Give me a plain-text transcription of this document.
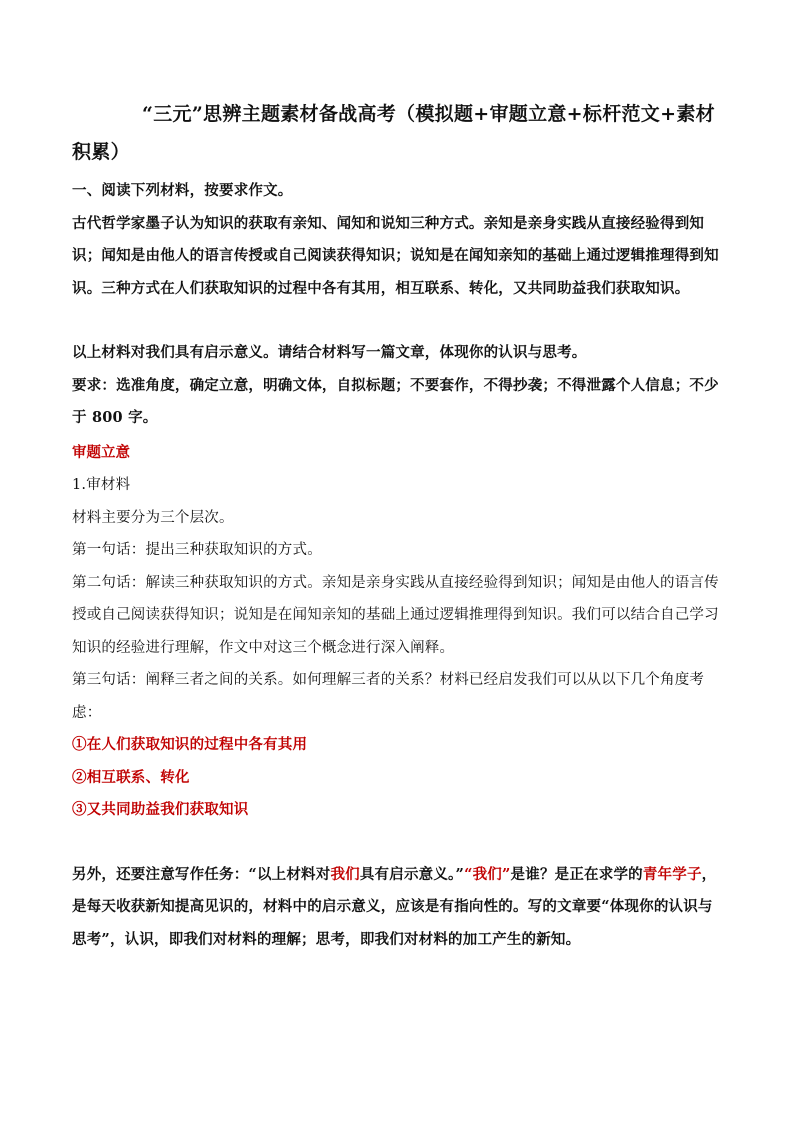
“三元”思辨主题素材备战高考（模拟题+审题立意+标杆范文+素材积累）

一、阅读下列材料，按要求作文。

古代哲学家墨子认为知识的获取有亲知、闻知和说知三种方式。亲知是亲身实践从直接经验得到知识；闻知是由他人的语言传授或自己阅读获得知识；说知是在闻知亲知的基础上通过逻辑推理得到知识。三种方式在人们获取知识的过程中各有其用，相互联系、转化，又共同助益我们获取知识。

以上材料对我们具有启示意义。请结合材料写一篇文章，体现你的认识与思考。

要求：选准角度，确定立意，明确文体，自拟标题；不要套作，不得抄袭；不得泄露个人信息；不少于 800 字。

审题立意

1.审材料

材料主要分为三个层次。

第一句话：提出三种获取知识的方式。

第二句话：解读三种获取知识的方式。亲知是亲身实践从直接经验得到知识；闻知是由他人的语言传授或自己阅读获得知识；说知是在闻知亲知的基础上通过逻辑推理得到知识。我们可以结合自己学习知识的经验进行理解，作文中对这三个概念进行深入阐释。

第三句话：阐释三者之间的关系。如何理解三者的关系？材料已经启发我们可以从以下几个角度考虑：

①在人们获取知识的过程中各有其用

②相互联系、转化

③又共同助益我们获取知识

另外，还要注意写作任务：“以上材料对我们具有启示意义。”“我们”是谁？是正在求学的青年学子，是每天收获新知提高见识的，材料中的启示意义，应该是有指向性的。写的文章要“体现你的认识与思考”，认识，即我们对材料的理解；思考，即我们对材料的加工产生的新知。
